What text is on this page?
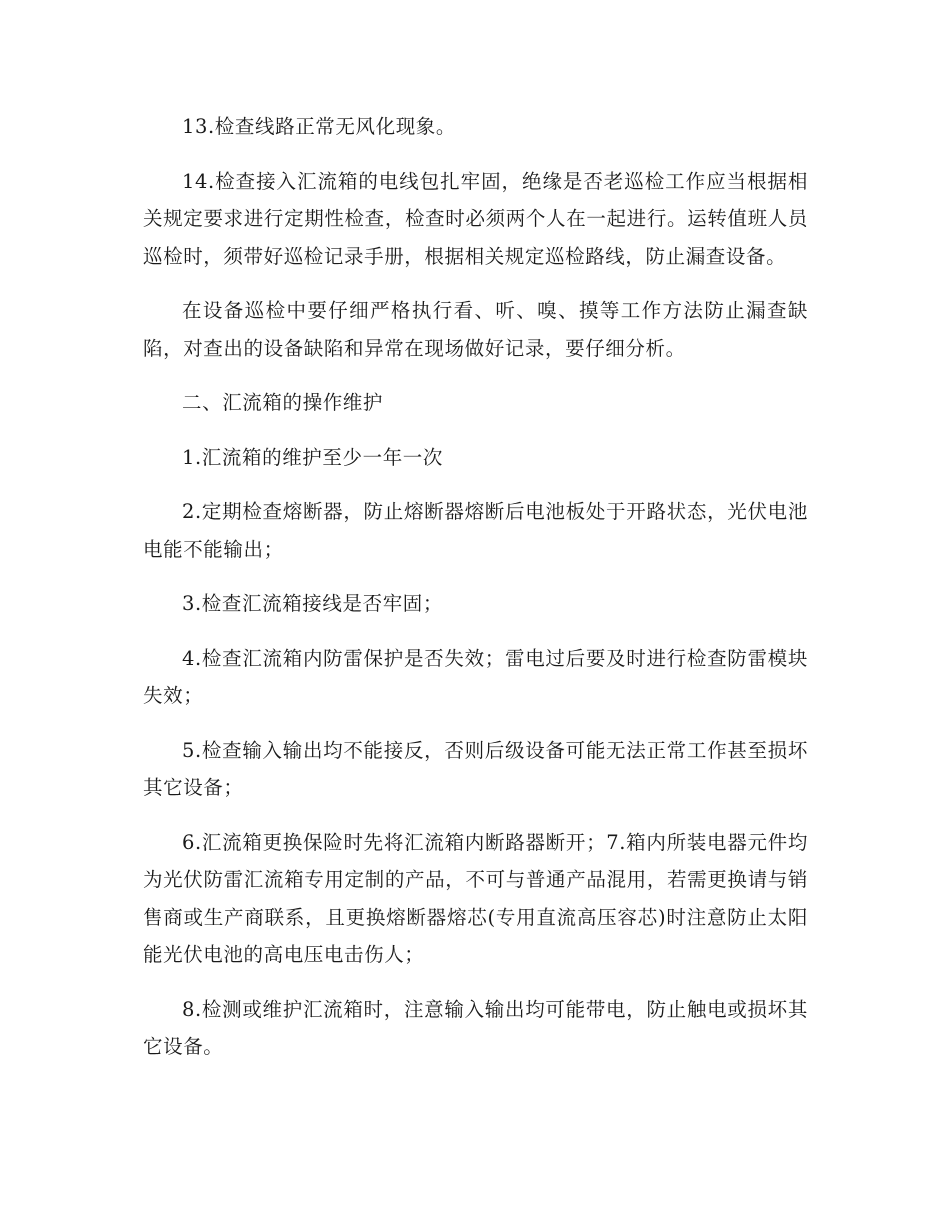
13.检查线路正常无风化现象。

14.检查接入汇流箱的电线包扎牢固，绝缘是否老巡检工作应当根据相关规定要求进行定期性检查，检查时必须两个人在一起进行。运转值班人员巡检时，须带好巡检记录手册，根据相关规定巡检路线，防止漏查设备。

在设备巡检中要仔细严格执行看、听、嗅、摸等工作方法防止漏查缺陷，对查出的设备缺陷和异常在现场做好记录，要仔细分析。

二、汇流箱的操作维护

1.汇流箱的维护至少一年一次

2.定期检查熔断器，防止熔断器熔断后电池板处于开路状态，光伏电池电能不能输出；

3.检查汇流箱接线是否牢固；

4.检查汇流箱内防雷保护是否失效；雷电过后要及时进行检查防雷模块失效；

5.检查输入输出均不能接反，否则后级设备可能无法正常工作甚至损坏其它设备；

6.汇流箱更换保险时先将汇流箱内断路器断开；7.箱内所装电器元件均为光伏防雷汇流箱专用定制的产品，不可与普通产品混用，若需更换请与销售商或生产商联系，且更换熔断器熔芯(专用直流高压容芯)时注意防止太阳能光伏电池的高电压电击伤人；

8.检测或维护汇流箱时，注意输入输出均可能带电，防止触电或损坏其它设备。
